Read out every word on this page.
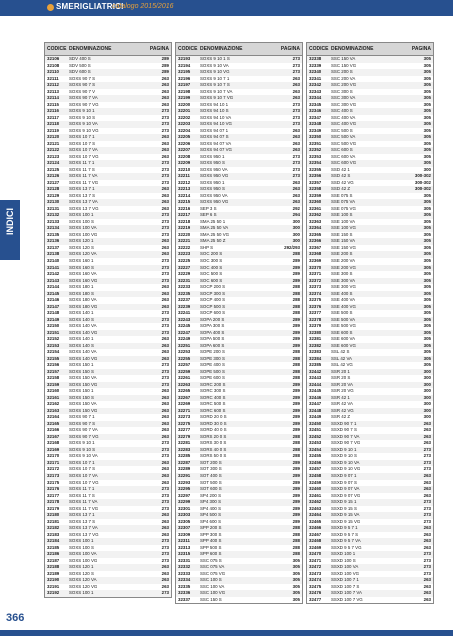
SMERIGLIATRICI
catalogo 2015/2016
INDICI
CODICE DENOMINAZIONE	PAGINA
32106	SDV 400 S	289
32108	SDV 500 S	289
32110	SDV 600 S	289
32111	SOXS 90 7 S	263
32112	SOXS 90 7 S	263
32113	SOXS 90 7 V	263
32114	SOXS 90 7 VA	263
32115	SOXS 90 7 VG	263
32116	SOXS 9 10 1	273
32117	SOXS 9 10 S	273
32118	SOXS 9 10 VA	273
32119	SOXS 9 10 VG	273
32120	SOXS 10 7 1	263
32121	SOXS 10 7 S	263
32122	SOXS 10 7 VA	263
32123	SOXS 10 7 VG	263
32124	SOXS 11 7 1	273
32125	SOXS 11 7 S	273
32126	SOXS 11 7 VA	273
32127	SOXS 11 7 VG	273
32128	SOXS 13 7 1	263
32129	SOXS 13 7 S	263
32130	SOXS 13 7 VA	263
32131	SOXS 13 7 VG	263
32132	SOXS 100 1	273
32133	SOXS 100 S	273
32134	SOXS 100 VA	273
32135	SOXS 100 VG	273
32136	SOXS 120 1	263
32137	SOXS 120 S	263
32138	SOXS 120 VA	263
32140	SOXS 160 1	273
32141	SOXS 160 S	273
32142	SOXS 160 VA	273
32143	SOXS 160 VG	273
32144	SOXS 180 1	263
32145	SOXS 180 S	263
32146	SOXS 180 VA	263
32147	SOXS 180 VG	263
32148	SOXS 140 1	273
32149	SOXS 140 S	273
32150	SOXS 140 VA	273
32151	SOXS 140 VG	273
32152	SOXS 140 1	263
32153	SOXS 140 S	263
32154	SOXS 140 VA	263
32155	SOXS 140 VG	263
32156	SOXS 150 1	273
32157	SOXS 150 S	273
32158	SOXS 150 VA	273
32159	SOXS 150 VG	273
32160	SOXS 150 1	263
32161	SOXS 150 S	263
32162	SOXS 150 VA	263
32163	SOXS 150 VG	263
32164	SOXS 90 7 1	263
32165	SOXS 90 7 S	263
32166	SOXS 90 7 VA	263
32167	SOXS 90 7 VG	263
32168	SOXS 9 10 1	273
32169	SOXS 9 10 S	273
32170	SOXS 9 10 VA	273
32171	SOXS 10 7 1	263
32172	SOXS 10 7 S	263
32173	SOXS 10 7 VA	263
32175	SOXS 10 7 VG	263
32176	SOXS 11 7 1	273
32177	SOXS 11 7 S	273
32178	SOXS 11 7 VA	273
32179	SOXS 11 7 VG	273
32180	SOXS 13 7 1	263
32181	SOXS 13 7 S	263
32182	SOXS 13 7 VA	263
32183	SOXS 13 7 VG	263
32184	SOXS 100 1	273
32185	SOXS 100 S	273
32186	SOXS 100 VA	273
32187	SOXS 100 VG	273
32188	SOXS 120 1	263
32189	SOXS 120 S	263
32190	SOXS 120 VA	263
32191	SOXS 120 VG	263
32192	SOXS 100 1	273
CODICE DENOMINAZIONE	PAGINA
32193	SOXS 9 10 1 S	273
32194	SOXS 9 10 VA	273
32195	SOXS 9 10 VG	273
32196	SOXS 9 10 7 1	263
32197	SOXS 9 10 7 S	263
32198	SOXS 9 10 7 VA	263
32199	SOXS 9 10 7 VG	263
32200	SOXS 94 10 1	273
32201	SOXS 94 10 S	273
32202	SOXS 94 10 VA	273
32203	SOXS 94 10 VG	273
32204	SOXS 94 07 1	263
32205	SOXS 94 07 S	263
32206	SOXS 94 07 VA	263
32207	SOXS 94 07 VG	263
32208	SOXS 950 1	273
32209	SOXS 950 S	273
32210	SOXS 950 VA	273
32211	SOXS 950 VG	273
32212	SOXS 950 1	263
32213	SOXS 950 S	263
32214	SOXS 950 VA	263
32215	SOXS 950 VG	263
32216	SEP 3 S	292
32217	SEP 6 S	294
32218	SMA 25 50 1	300
32219	SMA 25 50 VA	300
32220	SMA 25 50 VG	300
32221	SMA 25 50 Z	300
32222	SHP S	292/293
32223	SOC 200 S	288
32225	SOC 300 S	289
32227	SOC 400 S	289
32229	SOC 500 S	289
32231	SOC 600 S	289
32233	SOCP 200 S	288
32235	SOCP 300 S	288
32237	SOCP 400 S	288
32239	SOCP 500 S	288
32241	SOCP 600 S	288
32243	SOPA 200 S	289
32245	SOPA 300 S	289
32247	SOPA 400 S	289
32249	SOPA 500 S	289
32251	SOPA 600 S	289
32253	SOPE 200 S	288
32255	SOPE 300 S	288
32257	SOPE 400 S	288
32259	SOPE 500 S	288
32261	SOPE 600 S	288
32263	SORC 200 S	289
32265	SORC 300 S	289
32267	SORC 400 S	289
32269	SORC 500 S	289
32271	SORC 600 S	289
32273	SORD 20 0 S	289
32275	SORD 30 0 S	289
32277	SORD 40 0 S	289
32279	SORS 20 0 S	288
32281	SORS 30 0 S	288
32283	SORS 40 0 S	288
32285	SORS 50 0 S	288
32287	SOT 200 S	289
32289	SOT 300 S	289
32291	SOT 400 S	289
32293	SOT 500 S	289
32295	SOT 600 S	289
32297	SP4 200 S	289
32299	SP4 300 S	289
32301	SP4 400 S	289
32303	SP4 500 S	289
32305	SP4 600 S	289
32307	SPP 200 S	288
32309	SPP 300 S	288
32311	SPP 400 S	288
32313	SPP 500 S	288
32315	SPP 600 S	288
32331	SSC 075 S	305
32332	SSC 075 VA	305
32333	SSC 075 VG	305
32334	SSC 100 S	305
32335	SSC 100 VA	305
32336	SSC 100 VG	305
32337	SSC 150 S	305
CODICE DENOMINAZIONE	PAGINA
32338	SSC 150 VA	305
32339	SSC 150 VG	305
32340	SSC 200 S	305
32341	SSC 200 VA	305
32342	SSC 200 VG	305
32343	SSC 300 S	305
32344	SSC 300 VA	305
32345	SSC 300 VG	305
32346	SSC 400 S	305
32347	SSC 400 VA	305
32348	SSC 400 VG	305
32349	SSC 500 S	305
32350	SSC 500 VA	305
32351	SSC 500 VG	305
32352	SSC 600 S	305
32353	SSC 600 VA	305
32354	SSC 600 VG	305
32355	SSD 42 1	300
32356	SSD 42 S	300-302
32357	SSD 42 VG	300-302
32358	SSD 42 Z	300-302
32359	SSE 075 S	305
32360	SSE 075 VA	305
32361	SSE 075 VG	305
32362	SSE 100 S	305
32363	SSE 100 VA	305
32364	SSE 100 VG	305
32365	SSE 150 S	305
32366	SSE 150 VA	305
32367	SSE 150 VG	305
32368	SSE 200 S	305
32369	SSE 200 VA	305
32370	SSE 200 VG	305
32371	SSE 300 S	305
32372	SSE 300 VA	305
32373	SSE 300 VG	305
32374	SSE 400 S	305
32375	SSE 400 VA	305
32376	SSE 400 VG	305
32377	SSE 500 S	305
32378	SSE 500 VA	305
32379	SSE 500 VG	305
32380	SSE 600 S	305
32381	SSE 600 VA	305
32382	SSE 600 VG	305
32383	SSL 42 S	305
32384	SSL 42 VA	305
32385	SSL 42 VG	305
32442	SSR 20 1	300
32443	SSR 20 S	300
32444	SSR 20 VA	300
32445	SSR 20 VG	300
32446	SSR 42 1	300
32447	SSR 42 VA	300
32448	SSR 42 VG	300
32449	SSR 42 Z	300
32450	SSXD 90 7 1	263
32451	SSXD 90 7 S	263
32452	SSXD 90 7 VA	263
32453	SSXD 90 7 VG	263
32454	SSXD 9 10 1	273
32455	SSXD 9 10 S	273
32456	SSXD 9 10 VA	273
32457	SSXD 9 10 VG	273
32458	SSXD 9 07 1	263
32459	SSXD 9 07 S	263
32460	SSXD 9 07 VA	263
32461	SSXD 9 07 VG	263
32462	SSXD 9 15 1	273
32463	SSXD 9 15 S	273
32464	SSXD 9 15 VA	273
32465	SSXD 9 15 VG	273
32466	SSXD 9 5 7 1	263
32467	SSXD 9 5 7 S	263
32468	SSXD 9 5 7 VA	263
32469	SSXD 9 5 7 VG	263
32470	SSXD 100 1	273
32471	SSXD 100 S	273
32472	SSXD 100 VA	273
32473	SSXD 100 VG	273
32474	SSXD 100 7 1	263
32475	SSXD 100 7 S	263
32476	SSXD 100 7 VA	263
32477	SSXD 100 7 VG	263
366
